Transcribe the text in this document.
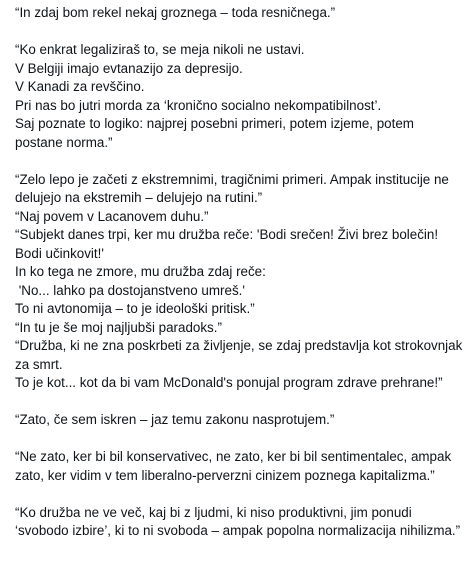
“In zdaj bom rekel nekaj groznega – toda resničnega.”
“Ko enkrat legaliziraš to, se meja nikoli ne ustavi.
V Belgiji imajo evtanazijo za depresijo.
V Kanadi za revščino.
Pri nas bo jutri morda za ‘kronično socialno nekompatibilnost’.
Saj poznate to logiko: najprej posebni primeri, potem izjeme, potem postane norma.”
“Zelo lepo je začeti z ekstremnimi, tragičnimi primeri. Ampak institucije ne delujejo na ekstremih – delujejo na rutini.”
“Naj povem v Lacanovem duhu.”
“Subjekt danes trpi, ker mu družba reče: 'Bodi srečen! Živi brez bolečin! Bodi učinkovit!'
In ko tega ne zmore, mu družba zdaj reče:
'No... lahko pa dostojanstveno umreš.'
To ni avtonomija – to je ideološki pritisk.”
“In tu je še moj najljubši paradoks.”
“Družba, ki ne zna poskrbeti za življenje, se zdaj predstavlja kot strokovnjak za smrt.
To je kot... kot da bi vam McDonald's ponujal program zdrave prehrane!”
“Zato, če sem iskren – jaz temu zakonu nasprotujem.”
“Ne zato, ker bi bil konservativec, ne zato, ker bi bil sentimentalec, ampak zato, ker vidim v tem liberalno-perverzni cinizem poznega kapitalizma.”
“Ko družba ne ve več, kaj bi z ljudmi, ki niso produktivni, jim ponudi ‘svobodo izbire’, ki to ni svoboda – ampak popolna normalizacija nihilizma.”
